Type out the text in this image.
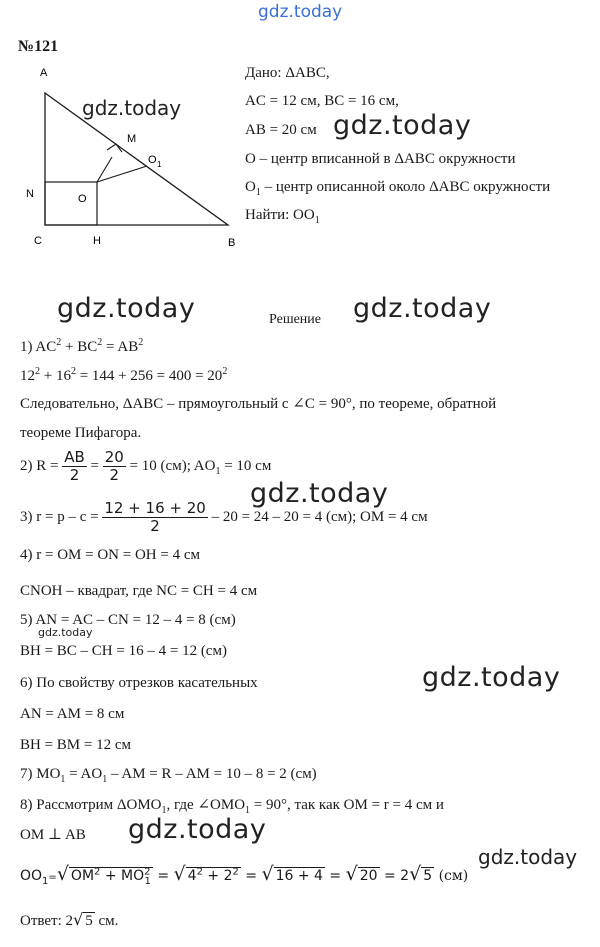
gdz.today
gdz.today
gdz.today
gdz.today	gdz.today
gdz.today
gdz.today
gdz.today
gdz.today
gdz.today
№121
A
M
O 1
N	O
C	H	B
Дано: ΔABC,
AC = 12 см, BC = 16 см,
AB = 20 см
O – центр вписанной в ΔABC окружности
$O_1$ – центр описанной около ΔABC окружности
Найти: $OO_1$
Решение
1) $AC^2 + BC^2 = AB^2$
$12^2 + 16^2 = 144 + 256 = 400 = 20^2$
Следовательно, ΔABC – прямоугольный с ∠C = 90°, по теореме, обратной
теореме Пифагора.
2) $R = \frac{AB}{2} = \frac{20}{2} = 10$ (см); $AO_1 = 10$ см
3) $r = p - c = \frac{12 + 16 + 20}{2} - 20 = 24 - 20 = 4$ (см); OM = 4 см
4) r = OM = ON = OH = 4 см
CNOH – квадрат, где NC = CH = 4 см
5) AN = AC – CN = 12 – 4 = 8 (см)
BH = BC – CH = 16 – 4 = 12 (см)
6) По свойству отрезков касательных
AN = AM = 8 см
BH = BM = 12 см
7) $MO_1 = AO_1$ – AM = R – AM = 10 – 8 = 2 (см)
8) Рассмотрим $\Delta OMO_1$, где $\angle OMO_1 = 90^\circ$, так как OM = r = 4 см и
OM ⊥ AB
$OO_1=√$ $OM^2 + MO^2_1$ = √ $4^2 + 2^2$ = √ 16 + 4 = √ 20 = 2√ 5 (см)
Ответ: 2√ 5 см.
